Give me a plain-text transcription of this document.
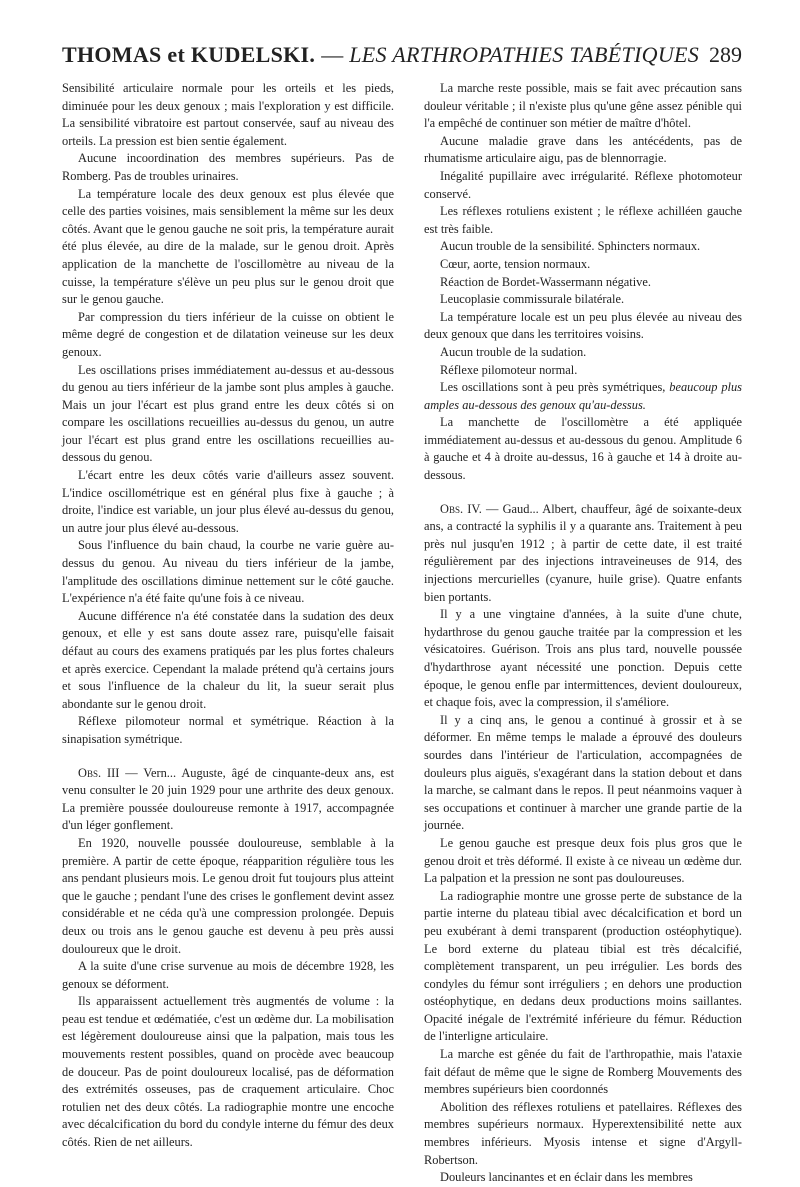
THOMAS et KUDELSKI. — LES ARTHROPATHIES TABÉTIQUES 289

Sensibilité articulaire normale pour les orteils et les pieds, diminuée pour les deux genoux ; mais l'exploration y est difficile. La sensibilité vibratoire est partout conservée, sauf au niveau des orteils. La pression est bien sentie également.

Aucune incoordination des membres supérieurs. Pas de Romberg. Pas de troubles urinaires.

La température locale des deux genoux est plus élevée que celle des parties voisines, mais sensiblement la même sur les deux côtés. Avant que le genou gauche ne soit pris, la température aurait été plus élevée, au dire de la malade, sur le genou droit. Après application de la manchette de l'oscillomètre au niveau de la cuisse, la température s'élève un peu plus sur le genou droit que sur le genou gauche.

Par compression du tiers inférieur de la cuisse on obtient le même degré de congestion et de dilatation veineuse sur les deux genoux.

Les oscillations prises immédiatement au-dessus et au-dessous du genou au tiers inférieur de la jambe sont plus amples à gauche. Mais un jour l'écart est plus grand entre les deux côtés si on compare les oscillations recueillies au-dessus du genou, un autre jour l'écart est plus grand entre les oscillations recueillies au-dessous du genou.

L'écart entre les deux côtés varie d'ailleurs assez souvent. L'indice oscillométrique est en général plus fixe à gauche ; à droite, l'indice est variable, un jour plus élevé au-dessus du genou, un autre jour plus élevé au-dessous.

Sous l'influence du bain chaud, la courbe ne varie guère au-dessus du genou. Au niveau du tiers inférieur de la jambe, l'amplitude des oscillations diminue nettement sur le côté gauche. L'expérience n'a été faite qu'une fois à ce niveau.

Aucune différence n'a été constatée dans la sudation des deux genoux, et elle y est sans doute assez rare, puisqu'elle faisait défaut au cours des examens pratiqués par les plus fortes chaleurs et après exercice. Cependant la malade prétend qu'à certains jours et sous l'influence de la chaleur du lit, la sueur serait plus abondante sur le genou droit.

Réflexe pilomoteur normal et symétrique. Réaction à la sinapisation symétrique.

Obs. III — Vern... Auguste, âgé de cinquante-deux ans, est venu consulter le 20 juin 1929 pour une arthrite des deux genoux. La première poussée douloureuse remonte à 1917, accompagnée d'un léger gonflement.

En 1920, nouvelle poussée douloureuse, semblable à la première. A partir de cette époque, réapparition régulière tous les ans pendant plusieurs mois. Le genou droit fut toujours plus atteint que le gauche ; pendant l'une des crises le gonflement devint assez considérable et ne céda qu'à une compression prolongée. Depuis deux ou trois ans le genou gauche est devenu à peu près aussi douloureux que le droit.

A la suite d'une crise survenue au mois de décembre 1928, les genoux se déforment.

Ils apparaissent actuellement très augmentés de volume : la peau est tendue et œdématiée, c'est un œdème dur. La mobilisation est légèrement douloureuse ainsi que la palpation, mais tous les mouvements restent possibles, quand on procède avec beaucoup de douceur. Pas de point douloureux localisé, pas de déformation des extrémités osseuses, pas de craquement articulaire. Choc rotulien net des deux côtés. La radiographie montre une encoche avec décalcification du bord du condyle interne du fémur des deux côtés. Rien de net ailleurs.

La marche reste possible, mais se fait avec précaution sans douleur véritable ; il n'existe plus qu'une gêne assez pénible qui l'a empêché de continuer son métier de maître d'hôtel.

Aucune maladie grave dans les antécédents, pas de rhumatisme articulaire aigu, pas de blennorragie.

Inégalité pupillaire avec irrégularité. Réflexe photomoteur conservé.

Les réflexes rotuliens existent ; le réflexe achilléen gauche est très faible.

Aucun trouble de la sensibilité. Sphincters normaux.

Cœur, aorte, tension normaux.

Réaction de Bordet-Wassermann négative.

Leucoplasie commissurale bilatérale.

La température locale est un peu plus élevée au niveau des deux genoux que dans les territoires voisins.

Aucun trouble de la sudation.

Réflexe pilomoteur normal.

Les oscillations sont à peu près symétriques, beaucoup plus amples au-dessous des genoux qu'au-dessus.

La manchette de l'oscillomètre a été appliquée immédiatement au-dessus et au-dessous du genou. Amplitude 6 à gauche et 4 à droite au-dessus, 16 à gauche et 14 à droite au-dessous.

Obs. IV. — Gaud... Albert, chauffeur, âgé de soixante-deux ans, a contracté la syphilis il y a quarante ans. Traitement à peu près nul jusqu'en 1912 ; à partir de cette date, il est traité régulièrement par des injections intraveineuses de 914, des injections mercurielles (cyanure, huile grise). Quatre enfants bien portants.

Il y a une vingtaine d'années, à la suite d'une chute, hydarthrose du genou gauche traitée par la compression et les vésicatoires. Guérison. Trois ans plus tard, nouvelle poussée d'hydarthrose ayant nécessité une ponction. Depuis cette époque, le genou enfle par intermittences, devient douloureux, et chaque fois, avec la compression, il s'améliore.

Il y a cinq ans, le genou a continué à grossir et à se déformer. En même temps le malade a éprouvé des douleurs sourdes dans l'intérieur de l'articulation, accompagnées de douleurs plus aiguës, s'exagérant dans la station debout et dans la marche, se calmant dans le repos. Il peut néanmoins vaquer à ses occupations et continuer à marcher une grande partie de la journée.

Le genou gauche est presque deux fois plus gros que le genou droit et très déformé. Il existe à ce niveau un œdème dur. La palpation et la pression ne sont pas douloureuses.

La radiographie montre une grosse perte de substance de la partie interne du plateau tibial avec décalcification et bord un peu exubérant à demi transparent (production ostéophytique). Le bord externe du plateau tibial est très décalcifié, complètement transparent, un peu irrégulier. Les bords des condyles du fémur sont irréguliers ; en dehors une production ostéophytique, en dedans deux productions moins saillantes. Opacité inégale de l'extrémité inférieure du fémur. Réduction de l'interligne articulaire.

La marche est gênée du fait de l'arthropathie, mais l'ataxie fait défaut de même que le signe de Romberg Mouvements des membres supérieurs bien coordonnés

Abolition des réflexes rotuliens et patellaires. Réflexes des membres supérieurs normaux. Hyperextensibilité nette aux membres inférieurs. Myosis intense et signe d'Argyll-Robertson.

Douleurs lancinantes et en éclair dans les membres
